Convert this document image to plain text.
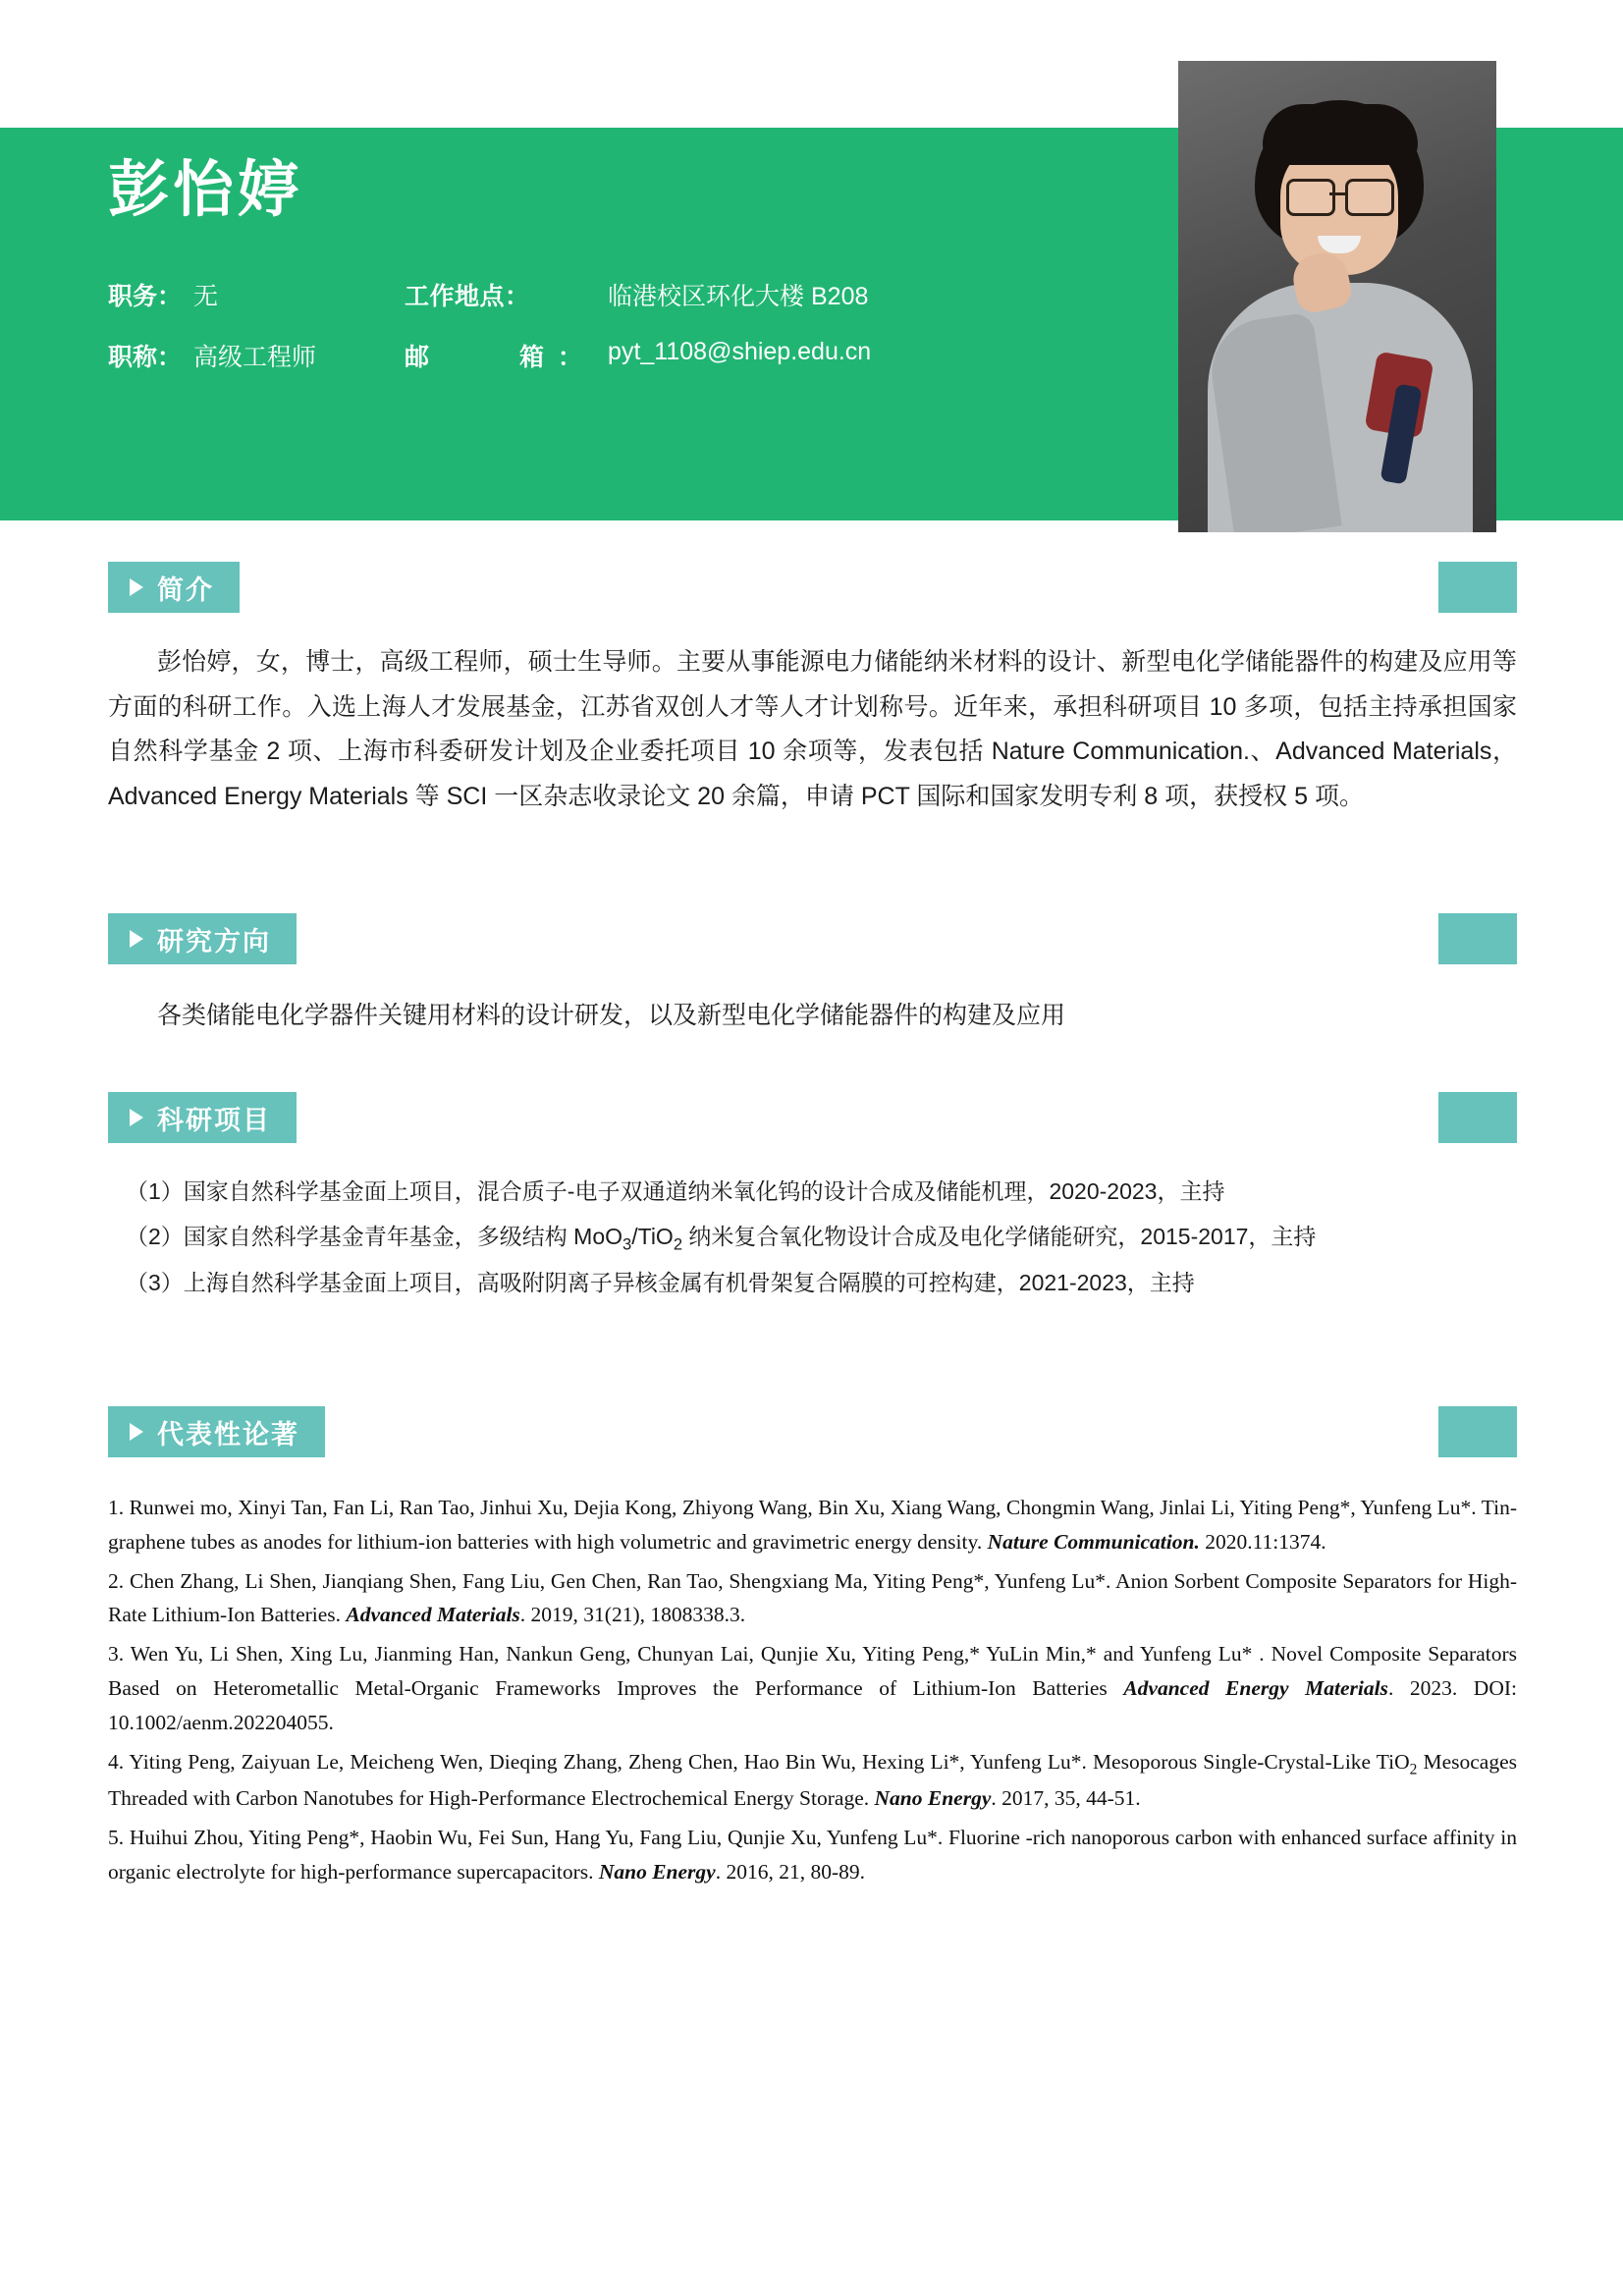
彭怡婷
职务：	无	工作地点：	临港校区环化大楼 B208
职称：	高级工程师	邮　　箱：	pyt_1108@shiep.edu.cn
简介
彭怡婷，女，博士，高级工程师，硕士生导师。主要从事能源电力储能纳米材料的设计、新型电化学储能器件的构建及应用等方面的科研工作。入选上海人才发展基金，江苏省双创人才等人才计划称号。近年来，承担科研项目 10 多项，包括主持承担国家自然科学基金 2 项、上海市科委研发计划及企业委托项目 10 余项等，发表包括 Nature Communication.、Advanced Materials，Advanced Energy Materials 等 SCI 一区杂志收录论文 20 余篇，申请 PCT 国际和国家发明专利 8 项，获授权 5 项。
研究方向
各类储能电化学器件关键用材料的设计研发，以及新型电化学储能器件的构建及应用
科研项目
（1）国家自然科学基金面上项目，混合质子-电子双通道纳米氧化钨的设计合成及储能机理，2020-2023，主持
（2）国家自然科学基金青年基金，多级结构 MoO$_3$/TiO$_2$ 纳米复合氧化物设计合成及电化学储能研究，2015-2017，主持
（3）上海自然科学基金面上项目，高吸附阴离子异核金属有机骨架复合隔膜的可控构建，2021-2023，主持
代表性论著

1. Runwei mo, Xinyi Tan, Fan Li, Ran Tao, Jinhui Xu, Dejia Kong, Zhiyong Wang, Bin Xu, Xiang Wang, Chongmin Wang, Jinlai Li, Yiting Peng*, Yunfeng Lu*. Tin-graphene tubes as anodes for lithium-ion batteries with high volumetric and gravimetric energy density. Nature Communication. 2020.11:1374.

2. Chen Zhang, Li Shen, Jianqiang Shen, Fang Liu, Gen Chen, Ran Tao, Shengxiang Ma, Yiting Peng*, Yunfeng Lu*. Anion Sorbent Composite Separators for High-Rate Lithium-Ion Batteries. Advanced Materials. 2019, 31(21), 1808338.3.

3. Wen Yu, Li Shen, Xing Lu, Jianming Han, Nankun Geng, Chunyan Lai, Qunjie Xu, Yiting Peng,* YuLin Min,* and Yunfeng Lu* . Novel Composite Separators Based on Heterometallic Metal-Organic Frameworks Improves the Performance of Lithium-Ion Batteries Advanced Energy Materials. 2023. DOI: 10.1002/aenm.202204055.

4. Yiting Peng, Zaiyuan Le, Meicheng Wen, Dieqing Zhang, Zheng Chen, Hao Bin Wu, Hexing Li*, Yunfeng Lu*. Mesoporous Single-Crystal-Like TiO$_2$ Mesocages Threaded with Carbon Nanotubes for High-Performance Electrochemical Energy Storage. Nano Energy. 2017, 35, 44-51.

5. Huihui Zhou, Yiting Peng*, Haobin Wu, Fei Sun, Hang Yu, Fang Liu, Qunjie Xu, Yunfeng Lu*. Fluorine -rich nanoporous carbon with enhanced surface affinity in organic electrolyte for high-performance supercapacitors. Nano Energy. 2016, 21, 80-89.
